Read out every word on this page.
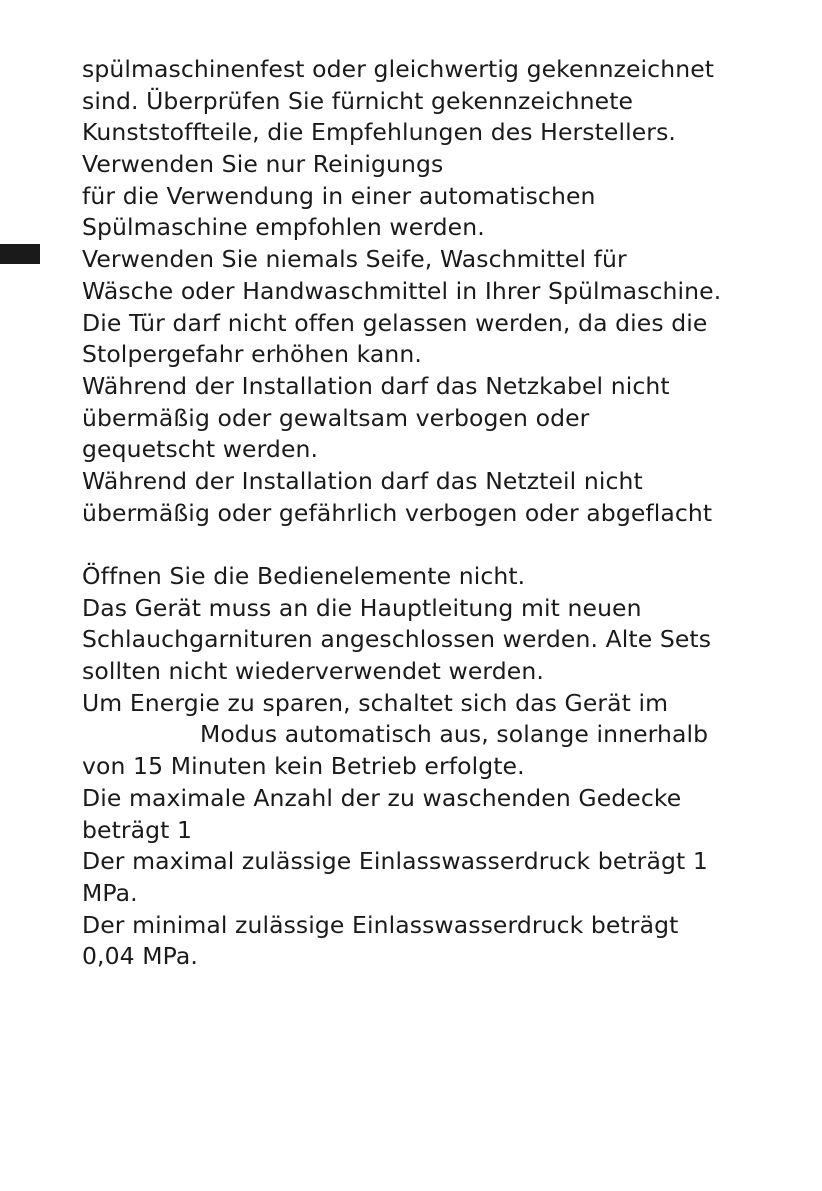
spülmaschinenfest oder gleichwertig gekennzeichnet
sind. Überprüfen Sie fürnicht gekennzeichnete
Kunststoffteile, die Empfehlungen des Herstellers.
Verwenden Sie nur Reinigungs
für die Verwendung in einer automatischen
Spülmaschine empfohlen werden.
Verwenden Sie niemals Seife, Waschmittel für
Wäsche oder Handwaschmittel in Ihrer Spülmaschine.
Die Tür darf nicht offen gelassen werden, da dies die
Stolpergefahr erhöhen kann.
Während der Installation darf das Netzkabel nicht
übermäßig oder gewaltsam verbogen oder
gequetscht werden.
Während der Installation darf das Netzteil nicht
übermäßig oder gefährlich verbogen oder abgeflacht
Öffnen Sie die Bedienelemente nicht.
Das Gerät muss an die Hauptleitung mit neuen
Schlauchgarnituren angeschlossen werden. Alte Sets
sollten nicht wiederverwendet werden.
Um Energie zu sparen, schaltet sich das Gerät im
Modus automatisch aus, solange innerhalb
von 15 Minuten kein Betrieb erfolgte.
Die maximale Anzahl der zu waschenden Gedecke
beträgt 1
Der maximal zulässige Einlasswasserdruck beträgt 1
MPa.
Der minimal zulässige Einlasswasserdruck beträgt
0,04 MPa.
